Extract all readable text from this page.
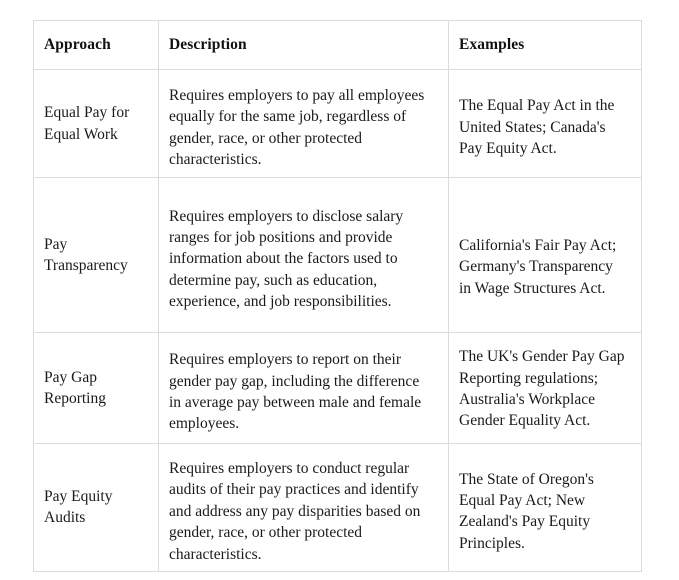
Approach	Description	Examples

Equal Pay for Equal Work	Requires employers to pay all employees equally for the same job, regardless of gender, race, or other protected characteristics.	The Equal Pay Act in the United States; Canada's Pay Equity Act.

Pay Transparency	Requires employers to disclose salary ranges for job positions and provide information about the factors used to determine pay, such as education, experience, and job responsibilities.	California's Fair Pay Act; Germany's Transparency in Wage Structures Act.

Pay Gap Reporting	Requires employers to report on their gender pay gap, including the difference in average pay between male and female employees.	The UK's Gender Pay Gap Reporting regulations; Australia's Workplace Gender Equality Act.

Pay Equity Audits	Requires employers to conduct regular audits of their pay practices and identify and address any pay disparities based on gender, race, or other protected characteristics.	The State of Oregon's Equal Pay Act; New Zealand's Pay Equity Principles.
